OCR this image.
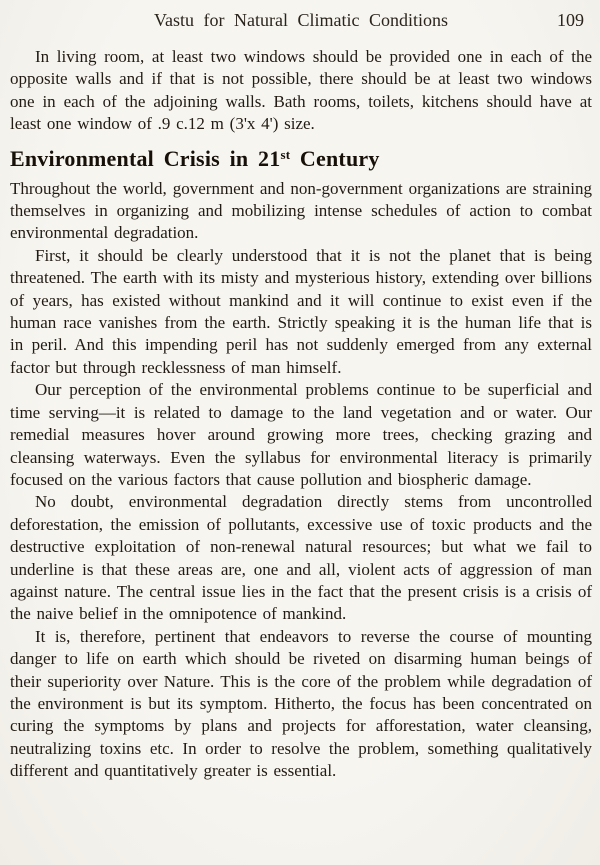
Vastu for Natural Climatic Conditions	109

In living room, at least two windows should be provided one in each of the opposite walls and if that is not possible, there should be at least two windows one in each of the adjoining walls. Bath rooms, toilets, kitchens should have at least one window of .9 c.12 m (3'x 4') size.

Environmental Crisis in 21st Century

Throughout the world, government and non-government organizations are straining themselves in organizing and mobilizing intense schedules of action to combat environmental degradation.

First, it should be clearly understood that it is not the planet that is being threatened. The earth with its misty and mysterious history, extending over billions of years, has existed without mankind and it will continue to exist even if the human race vanishes from the earth. Strictly speaking it is the human life that is in peril. And this impending peril has not suddenly emerged from any external factor but through recklessness of man himself.

Our perception of the environmental problems continue to be superficial and time serving—it is related to damage to the land vegetation and or water. Our remedial measures hover around growing more trees, checking grazing and cleansing waterways. Even the syllabus for environmental literacy is primarily focused on the various factors that cause pollution and biospheric damage.

No doubt, environmental degradation directly stems from uncontrolled deforestation, the emission of pollutants, excessive use of toxic products and the destructive exploitation of non-renewal natural resources; but what we fail to underline is that these areas are, one and all, violent acts of aggression of man against nature. The central issue lies in the fact that the present crisis is a crisis of the naive belief in the omnipotence of mankind.

It is, therefore, pertinent that endeavors to reverse the course of mounting danger to life on earth which should be riveted on disarming human beings of their superiority over Nature. This is the core of the problem while degradation of the environment is but its symptom. Hitherto, the focus has been concentrated on curing the symptoms by plans and projects for afforestation, water cleansing, neutralizing toxins etc. In order to resolve the problem, something qualitatively different and quantitatively greater is essential.
